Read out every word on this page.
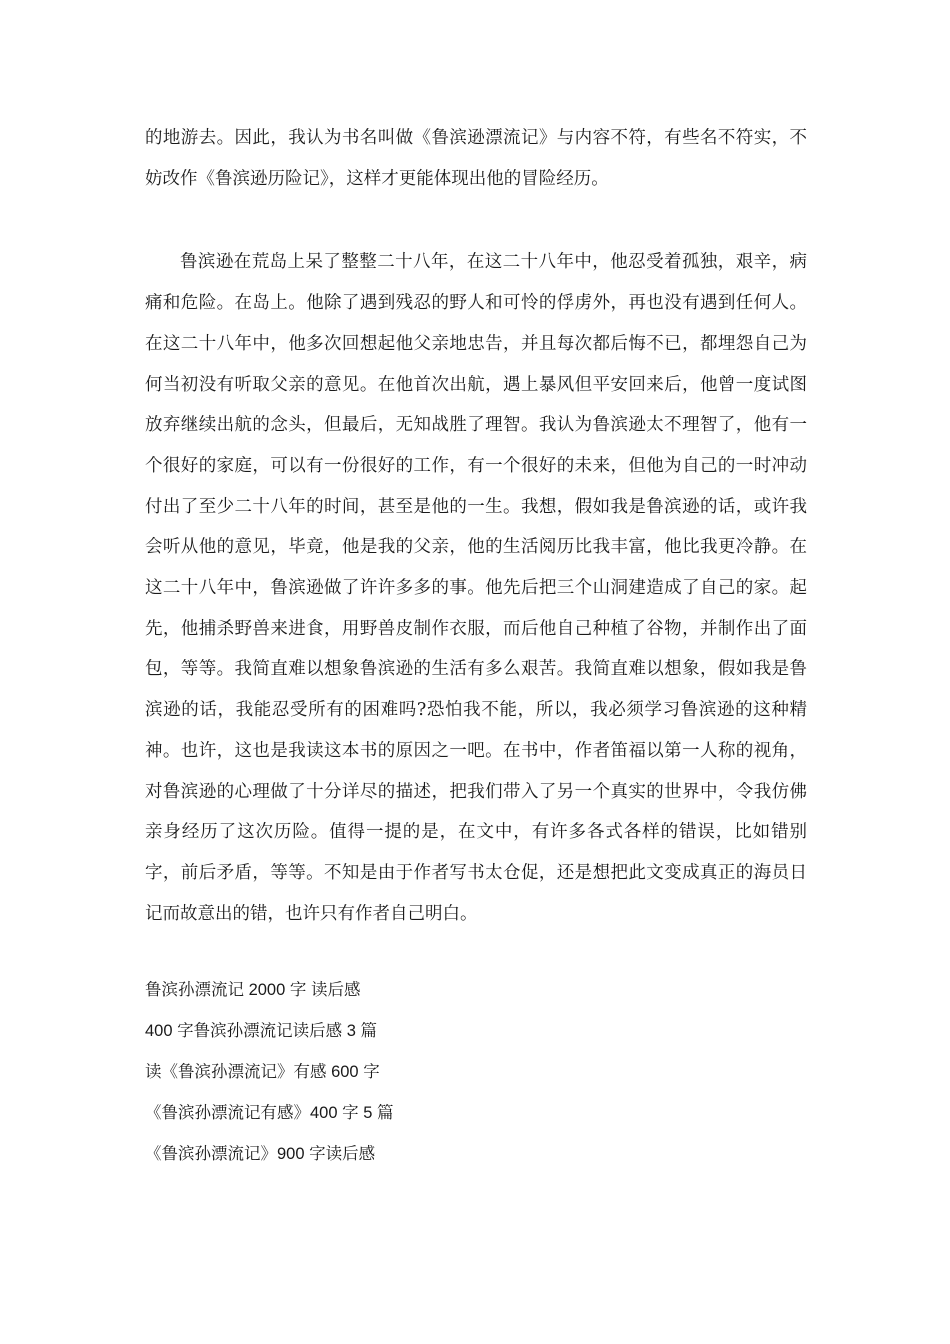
的地游去。因此，我认为书名叫做《鲁滨逊漂流记》与内容不符，有些名不符实，不妨改作《鲁滨逊历险记》，这样才更能体现出他的冒险经历。

鲁滨逊在荒岛上呆了整整二十八年，在这二十八年中，他忍受着孤独，艰辛，病痛和危险。在岛上。他除了遇到残忍的野人和可怜的俘虏外，再也没有遇到任何人。在这二十八年中，他多次回想起他父亲地忠告，并且每次都后悔不已，都埋怨自己为何当初没有听取父亲的意见。在他首次出航，遇上暴风但平安回来后，他曾一度试图放弃继续出航的念头，但最后，无知战胜了理智。我认为鲁滨逊太不理智了，他有一个很好的家庭，可以有一份很好的工作，有一个很好的未来，但他为自己的一时冲动付出了至少二十八年的时间，甚至是他的一生。我想，假如我是鲁滨逊的话，或许我会听从他的意见，毕竟，他是我的父亲，他的生活阅历比我丰富，他比我更冷静。在这二十八年中，鲁滨逊做了许许多多的事。他先后把三个山洞建造成了自己的家。起先，他捕杀野兽来进食，用野兽皮制作衣服，而后他自己种植了谷物，并制作出了面包，等等。我简直难以想象鲁滨逊的生活有多么艰苦。我简直难以想象，假如我是鲁滨逊的话，我能忍受所有的困难吗?恐怕我不能，所以，我必须学习鲁滨逊的这种精神。也许，这也是我读这本书的原因之一吧。在书中，作者笛福以第一人称的视角，对鲁滨逊的心理做了十分详尽的描述，把我们带入了另一个真实的世界中，令我仿佛亲身经历了这次历险。值得一提的是，在文中，有许多各式各样的错误，比如错别字，前后矛盾，等等。不知是由于作者写书太仓促，还是想把此文变成真正的海员日记而故意出的错，也许只有作者自己明白。

鲁滨孙漂流记 2000 字 读后感
400 字鲁滨孙漂流记读后感 3 篇
读《鲁滨孙漂流记》有感 600 字
《鲁滨孙漂流记有感》400 字 5 篇
《鲁滨孙漂流记》900 字读后感
